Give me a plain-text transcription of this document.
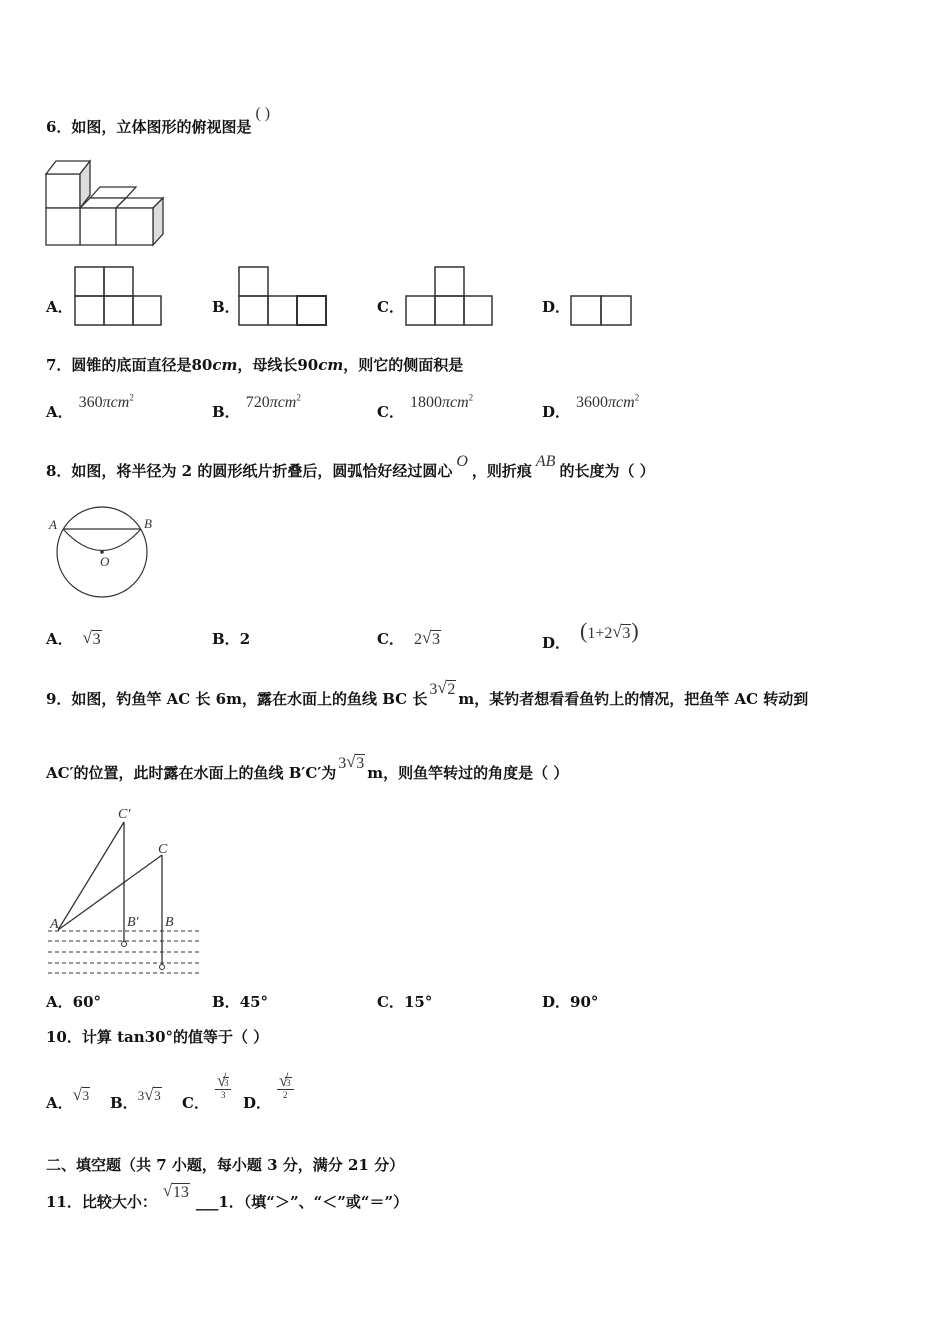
6．如图，立体图形的俯视图是( )
A．	B．	C．	D．
7．圆锥的底面直径是80cm，母线长90cm，则它的侧面积是
A．360πcm$^2$
B．720πcm$^2$
C．1800πcm$^2$
D．3600πcm$^2$
8．如图，将半径为 2 的圆形纸片折叠后，圆弧恰好经过圆心O，则折痕AB的长度为（ ）
A	B
O
A． √ 3	B．2	C． 2 √ 3	D． (1+2 √ 3)
9．如图，钓鱼竿 AC 长 6m，露在水面上的鱼线 BC 长3 √ 2m，某钓者想看看鱼钓上的情况，把鱼竿 AC 转动到
AC′的位置，此时露在水面上的鱼线 B′C′为3 √ 3m，则鱼竿转过的角度是（ ）
A	B′ B
C
C′
A．60°	B．45°	C．15°	D．90°
10．计算 tan30°的值等于（ ）
A． √ 3 B．3 √ 3 C．
√ $\frac{3}{3}$
D．
√ $\frac{3}{2}$
二、填空题（共 7 小题，每小题 3 分，满分 21 分）
11．比较大小：√ 13___1．（填“＞”、“＜”或“＝”）
